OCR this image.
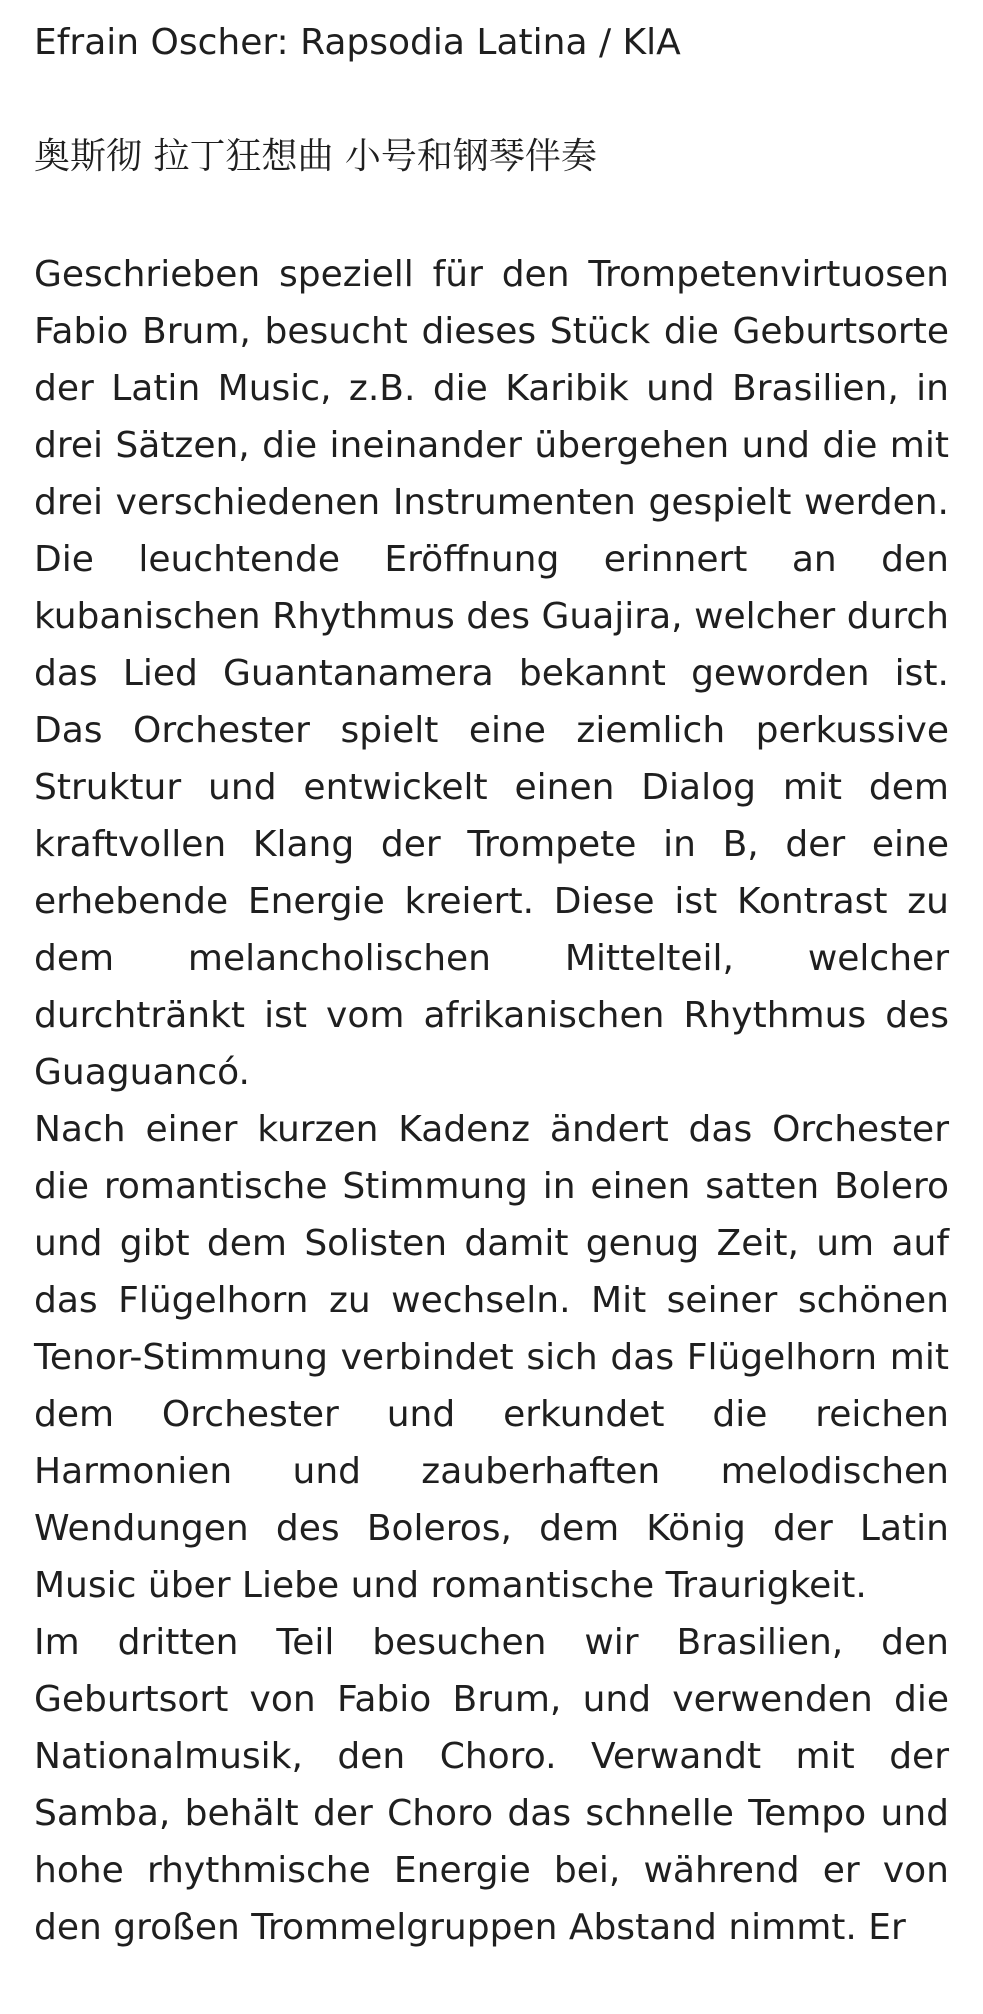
Efrain Oscher: Rapsodia Latina / KlA

奥斯彻 拉丁狂想曲 小号和钢琴伴奏

Geschrieben speziell für den Trompetenvirtuosen Fabio Brum, besucht dieses Stück die Geburtsorte der Latin Music, z.B. die Karibik und Brasilien, in drei Sätzen, die ineinander übergehen und die mit drei verschiedenen Instrumenten gespielt werden. Die leuchtende Eröffnung erinnert an den kubanischen Rhythmus des Guajira, welcher durch das Lied Guantanamera bekannt geworden ist. Das Orchester spielt eine ziemlich perkussive Struktur und entwickelt einen Dialog mit dem kraftvollen Klang der Trompete in B, der eine erhebende Energie kreiert. Diese ist Kontrast zu dem melancholischen Mittelteil, welcher durchtränkt ist vom afrikanischen Rhythmus des Guaguancó.

Nach einer kurzen Kadenz ändert das Orchester die romantische Stimmung in einen satten Bolero und gibt dem Solisten damit genug Zeit, um auf das Flügelhorn zu wechseln. Mit seiner schönen Tenor-Stimmung verbindet sich das Flügelhorn mit dem Orchester und erkundet die reichen Harmonien und zauberhaften melodischen Wendungen des Boleros, dem König der Latin Music über Liebe und romantische Traurigkeit.

Im dritten Teil besuchen wir Brasilien, den Geburtsort von Fabio Brum, und verwenden die Nationalmusik, den Choro. Verwandt mit der Samba, behält der Choro das schnelle Tempo und hohe rhythmische Energie bei, während er von den großen Trommelgruppen Abstand nimmt. Er
